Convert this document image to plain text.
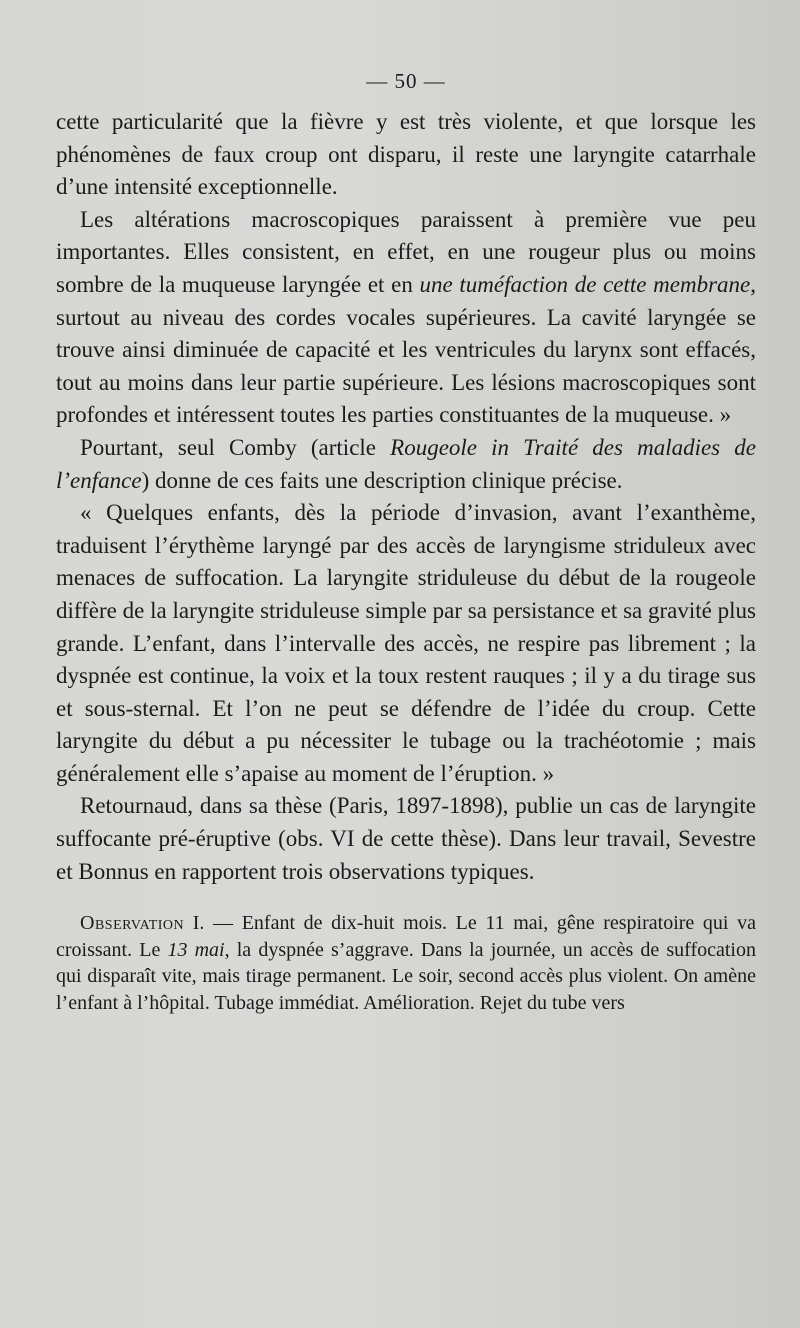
— 50 —

cette particularité que la fièvre y est très violente, et que lorsque les phénomènes de faux croup ont disparu, il reste une laryngite catarrhale d’une intensité exceptionnelle.

Les altérations macroscopiques paraissent à première vue peu importantes. Elles consistent, en effet, en une rougeur plus ou moins sombre de la muqueuse laryngée et en une tuméfaction de cette membrane, surtout au niveau des cordes vocales supérieures. La cavité laryngée se trouve ainsi diminuée de capacité et les ventricules du larynx sont effacés, tout au moins dans leur partie supérieure. Les lésions macroscopiques sont profondes et intéressent toutes les parties constituantes de la muqueuse. »

Pourtant, seul Comby (article Rougeole in Traité des maladies de l’enfance) donne de ces faits une description clinique précise.

« Quelques enfants, dès la période d’invasion, avant l’exanthème, traduisent l’érythème laryngé par des accès de laryngisme striduleux avec menaces de suffocation. La laryngite striduleuse du début de la rougeole diffère de la laryngite striduleuse simple par sa persistance et sa gravité plus grande. L’enfant, dans l’intervalle des accès, ne respire pas librement ; la dyspnée est continue, la voix et la toux restent rauques ; il y a du tirage sus et sous-sternal. Et l’on ne peut se défendre de l’idée du croup. Cette laryngite du début a pu nécessiter le tubage ou la trachéotomie ; mais généralement elle s’apaise au moment de l’éruption. »

Retournaud, dans sa thèse (Paris, 1897-1898), publie un cas de laryngite suffocante pré-éruptive (obs. VI de cette thèse). Dans leur travail, Sevestre et Bonnus en rapportent trois observations typiques.

Observation I. — Enfant de dix-huit mois. Le 11 mai, gêne respiratoire qui va croissant. Le 13 mai, la dyspnée s’aggrave. Dans la journée, un accès de suffocation qui disparaît vite, mais tirage permanent. Le soir, second accès plus violent. On amène l’enfant à l’hôpital. Tubage immédiat. Amélioration. Rejet du tube vers
